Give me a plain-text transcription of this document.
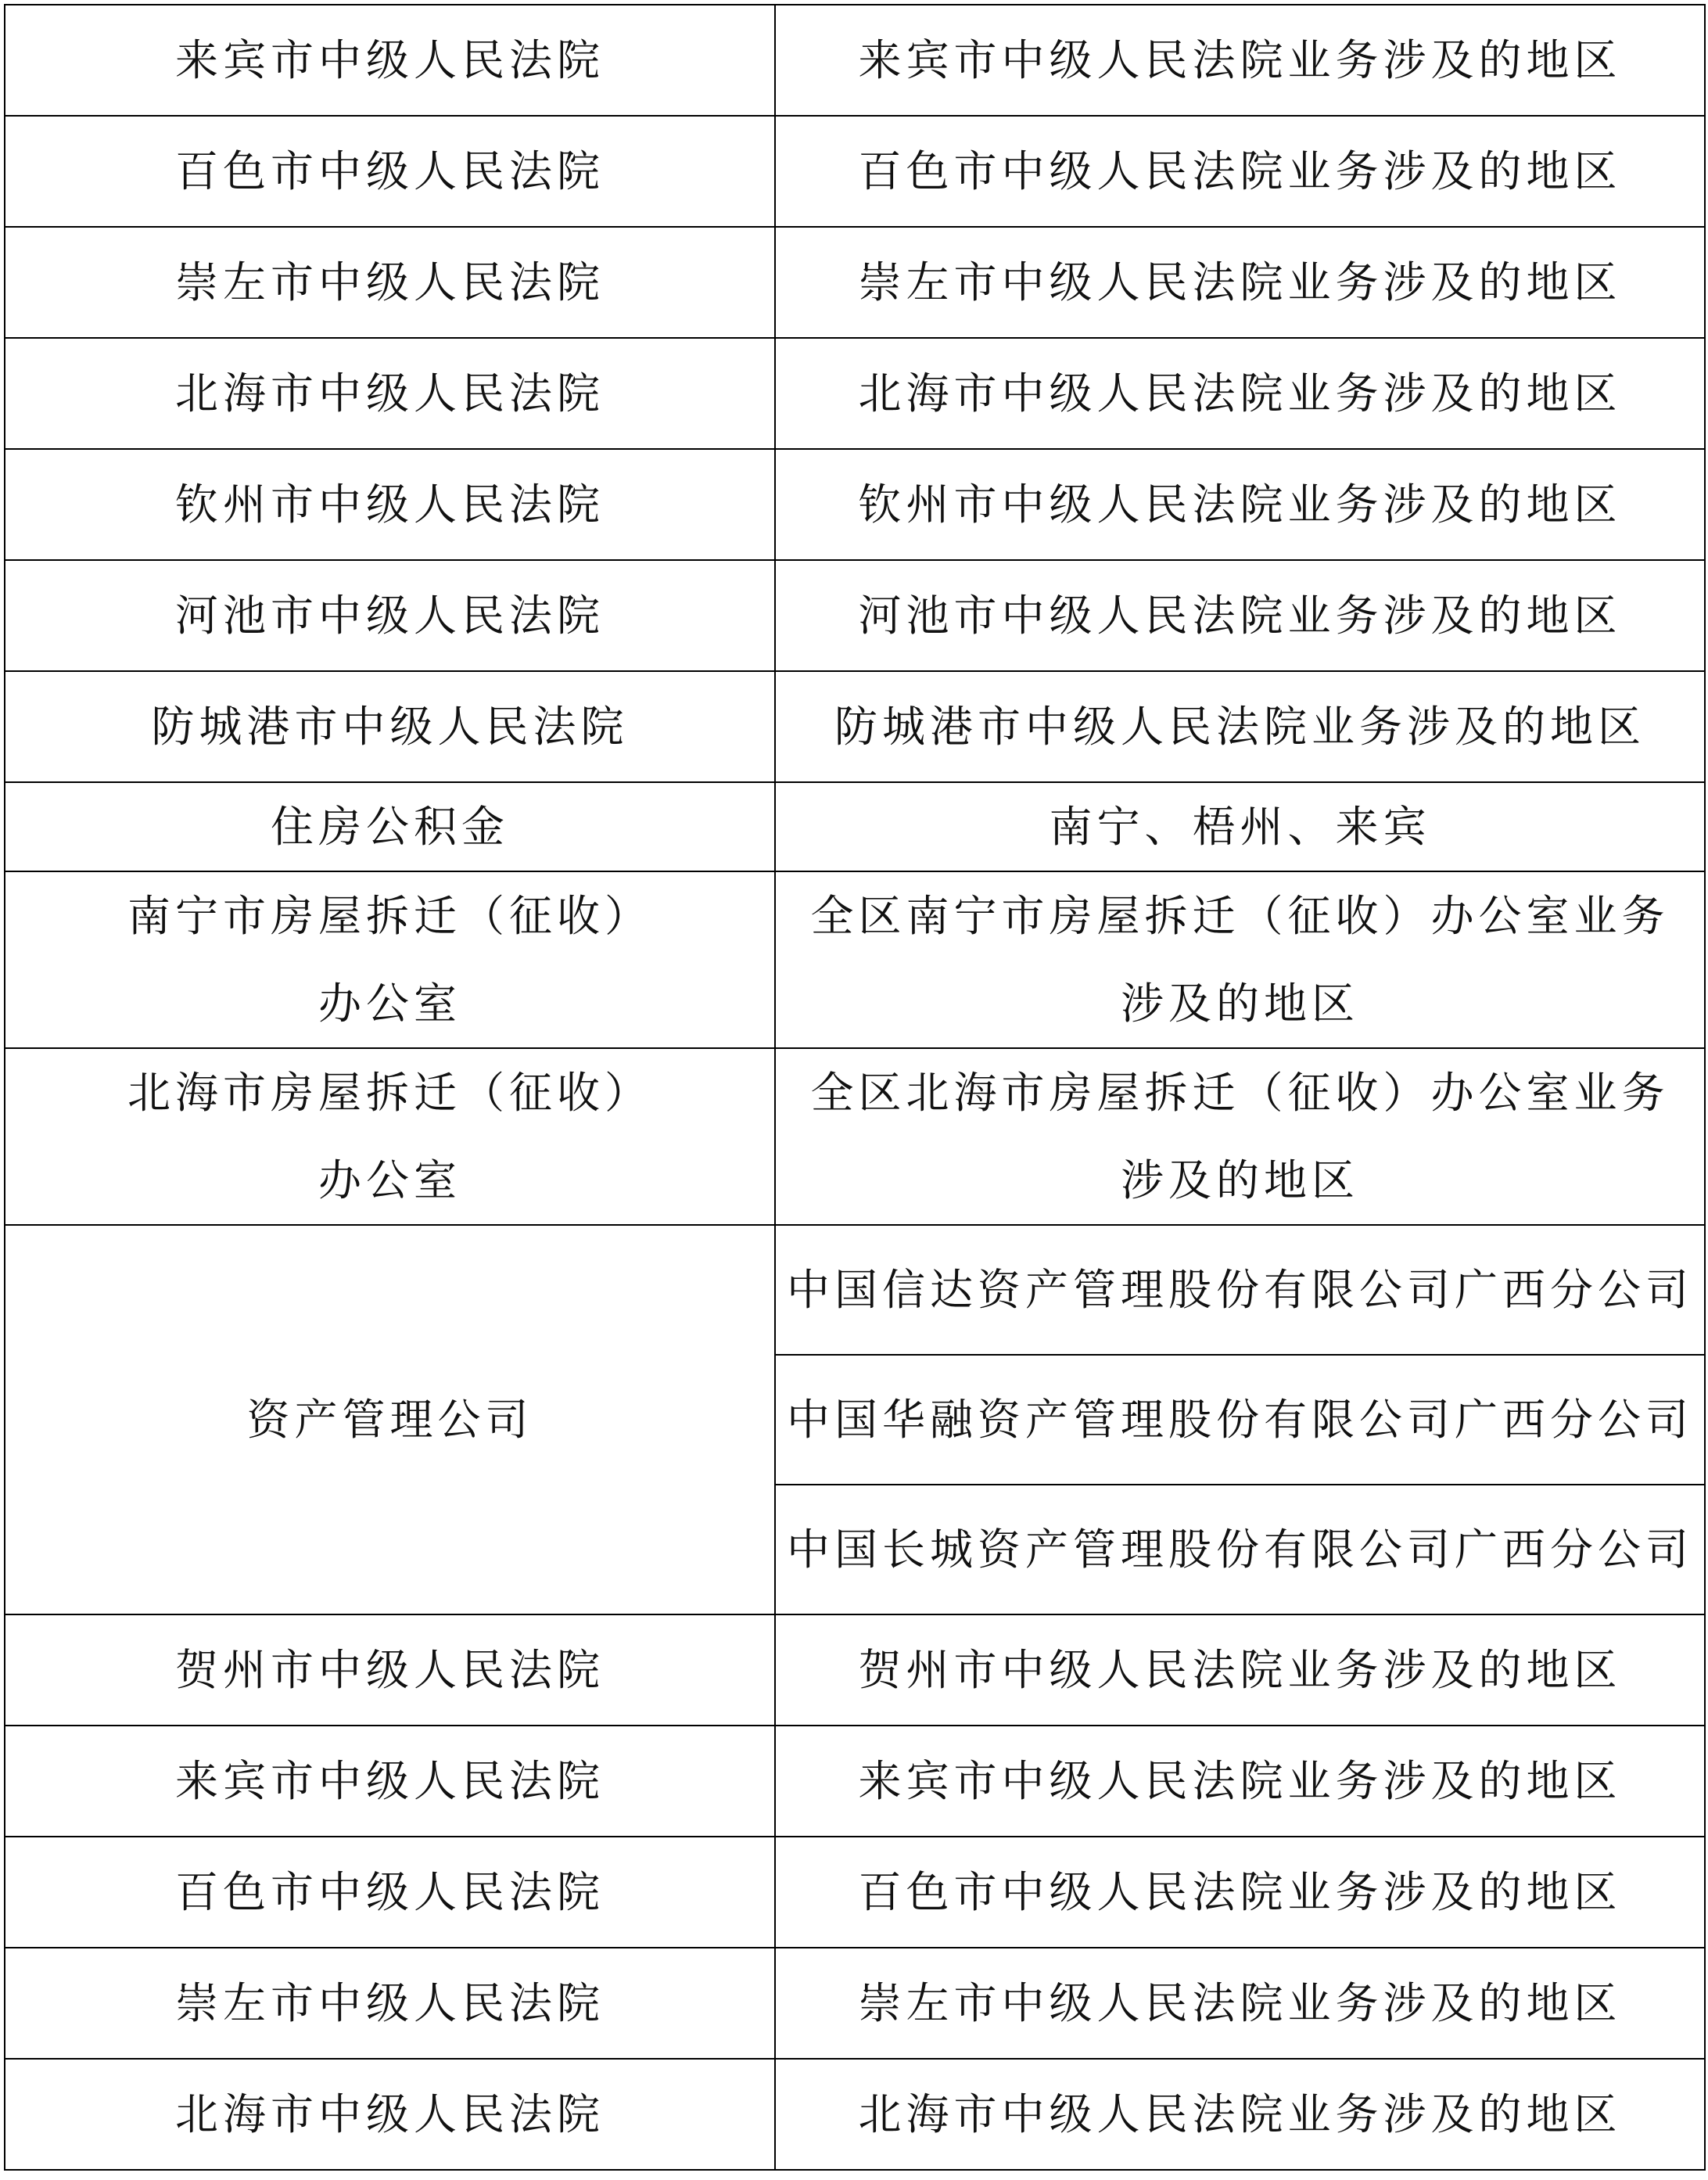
来宾市中级人民法院	来宾市中级人民法院业务涉及的地区
百色市中级人民法院	百色市中级人民法院业务涉及的地区
崇左市中级人民法院	崇左市中级人民法院业务涉及的地区
北海市中级人民法院	北海市中级人民法院业务涉及的地区
钦州市中级人民法院	钦州市中级人民法院业务涉及的地区
河池市中级人民法院	河池市中级人民法院业务涉及的地区
防城港市中级人民法院	防城港市中级人民法院业务涉及的地区
住房公积金	南宁、梧州、来宾
南宁市房屋拆迁（征收）办公室	全区南宁市房屋拆迁（征收）办公室业务涉及的地区
北海市房屋拆迁（征收）办公室	全区北海市房屋拆迁（征收）办公室业务涉及的地区
资产管理公司	中国信达资产管理股份有限公司广西分公司
	中国华融资产管理股份有限公司广西分公司
	中国长城资产管理股份有限公司广西分公司
贺州市中级人民法院	贺州市中级人民法院业务涉及的地区
来宾市中级人民法院	来宾市中级人民法院业务涉及的地区
百色市中级人民法院	百色市中级人民法院业务涉及的地区
崇左市中级人民法院	崇左市中级人民法院业务涉及的地区
北海市中级人民法院	北海市中级人民法院业务涉及的地区
